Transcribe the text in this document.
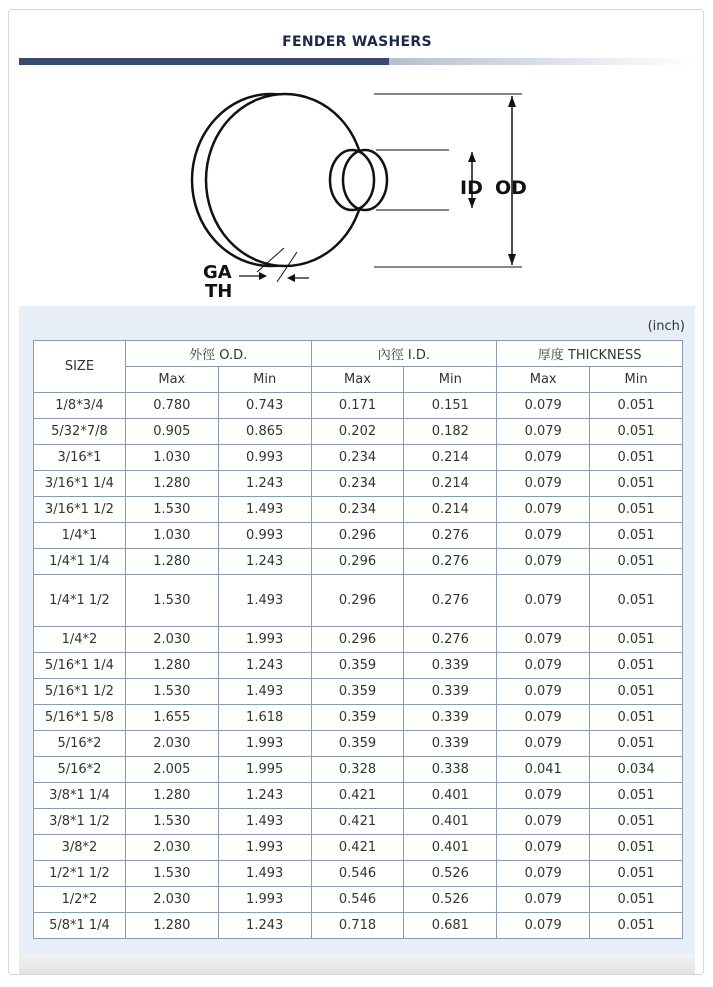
FENDER WASHERS
ID OD
GA
TH
(inch)
SIZE	外徑 O.D.		內徑 I.D.		厚度 THICKNESS	
	Max	Min	Max	Min	Max	Min
1/8*3/4	0.780	0.743	0.171	0.151	0.079	0.051
5/32*7/8	0.905	0.865	0.202	0.182	0.079	0.051
3/16*1	1.030	0.993	0.234	0.214	0.079	0.051
3/16*1 1/4	1.280	1.243	0.234	0.214	0.079	0.051
3/16*1 1/2	1.530	1.493	0.234	0.214	0.079	0.051
1/4*1	1.030	0.993	0.296	0.276	0.079	0.051
1/4*1 1/4	1.280	1.243	0.296	0.276	0.079	0.051
1/4*1 1/2	1.530	1.493	0.296	0.276	0.079	0.051
1/4*2	2.030	1.993	0.296	0.276	0.079	0.051
5/16*1 1/4	1.280	1.243	0.359	0.339	0.079	0.051
5/16*1 1/2	1.530	1.493	0.359	0.339	0.079	0.051
5/16*1 5/8	1.655	1.618	0.359	0.339	0.079	0.051
5/16*2	2.030	1.993	0.359	0.339	0.079	0.051
5/16*2	2.005	1.995	0.328	0.338	0.041	0.034
3/8*1 1/4	1.280	1.243	0.421	0.401	0.079	0.051
3/8*1 1/2	1.530	1.493	0.421	0.401	0.079	0.051
3/8*2	2.030	1.993	0.421	0.401	0.079	0.051
1/2*1 1/2	1.530	1.493	0.546	0.526	0.079	0.051
1/2*2	2.030	1.993	0.546	0.526	0.079	0.051
5/8*1 1/4	1.280	1.243	0.718	0.681	0.079	0.051
